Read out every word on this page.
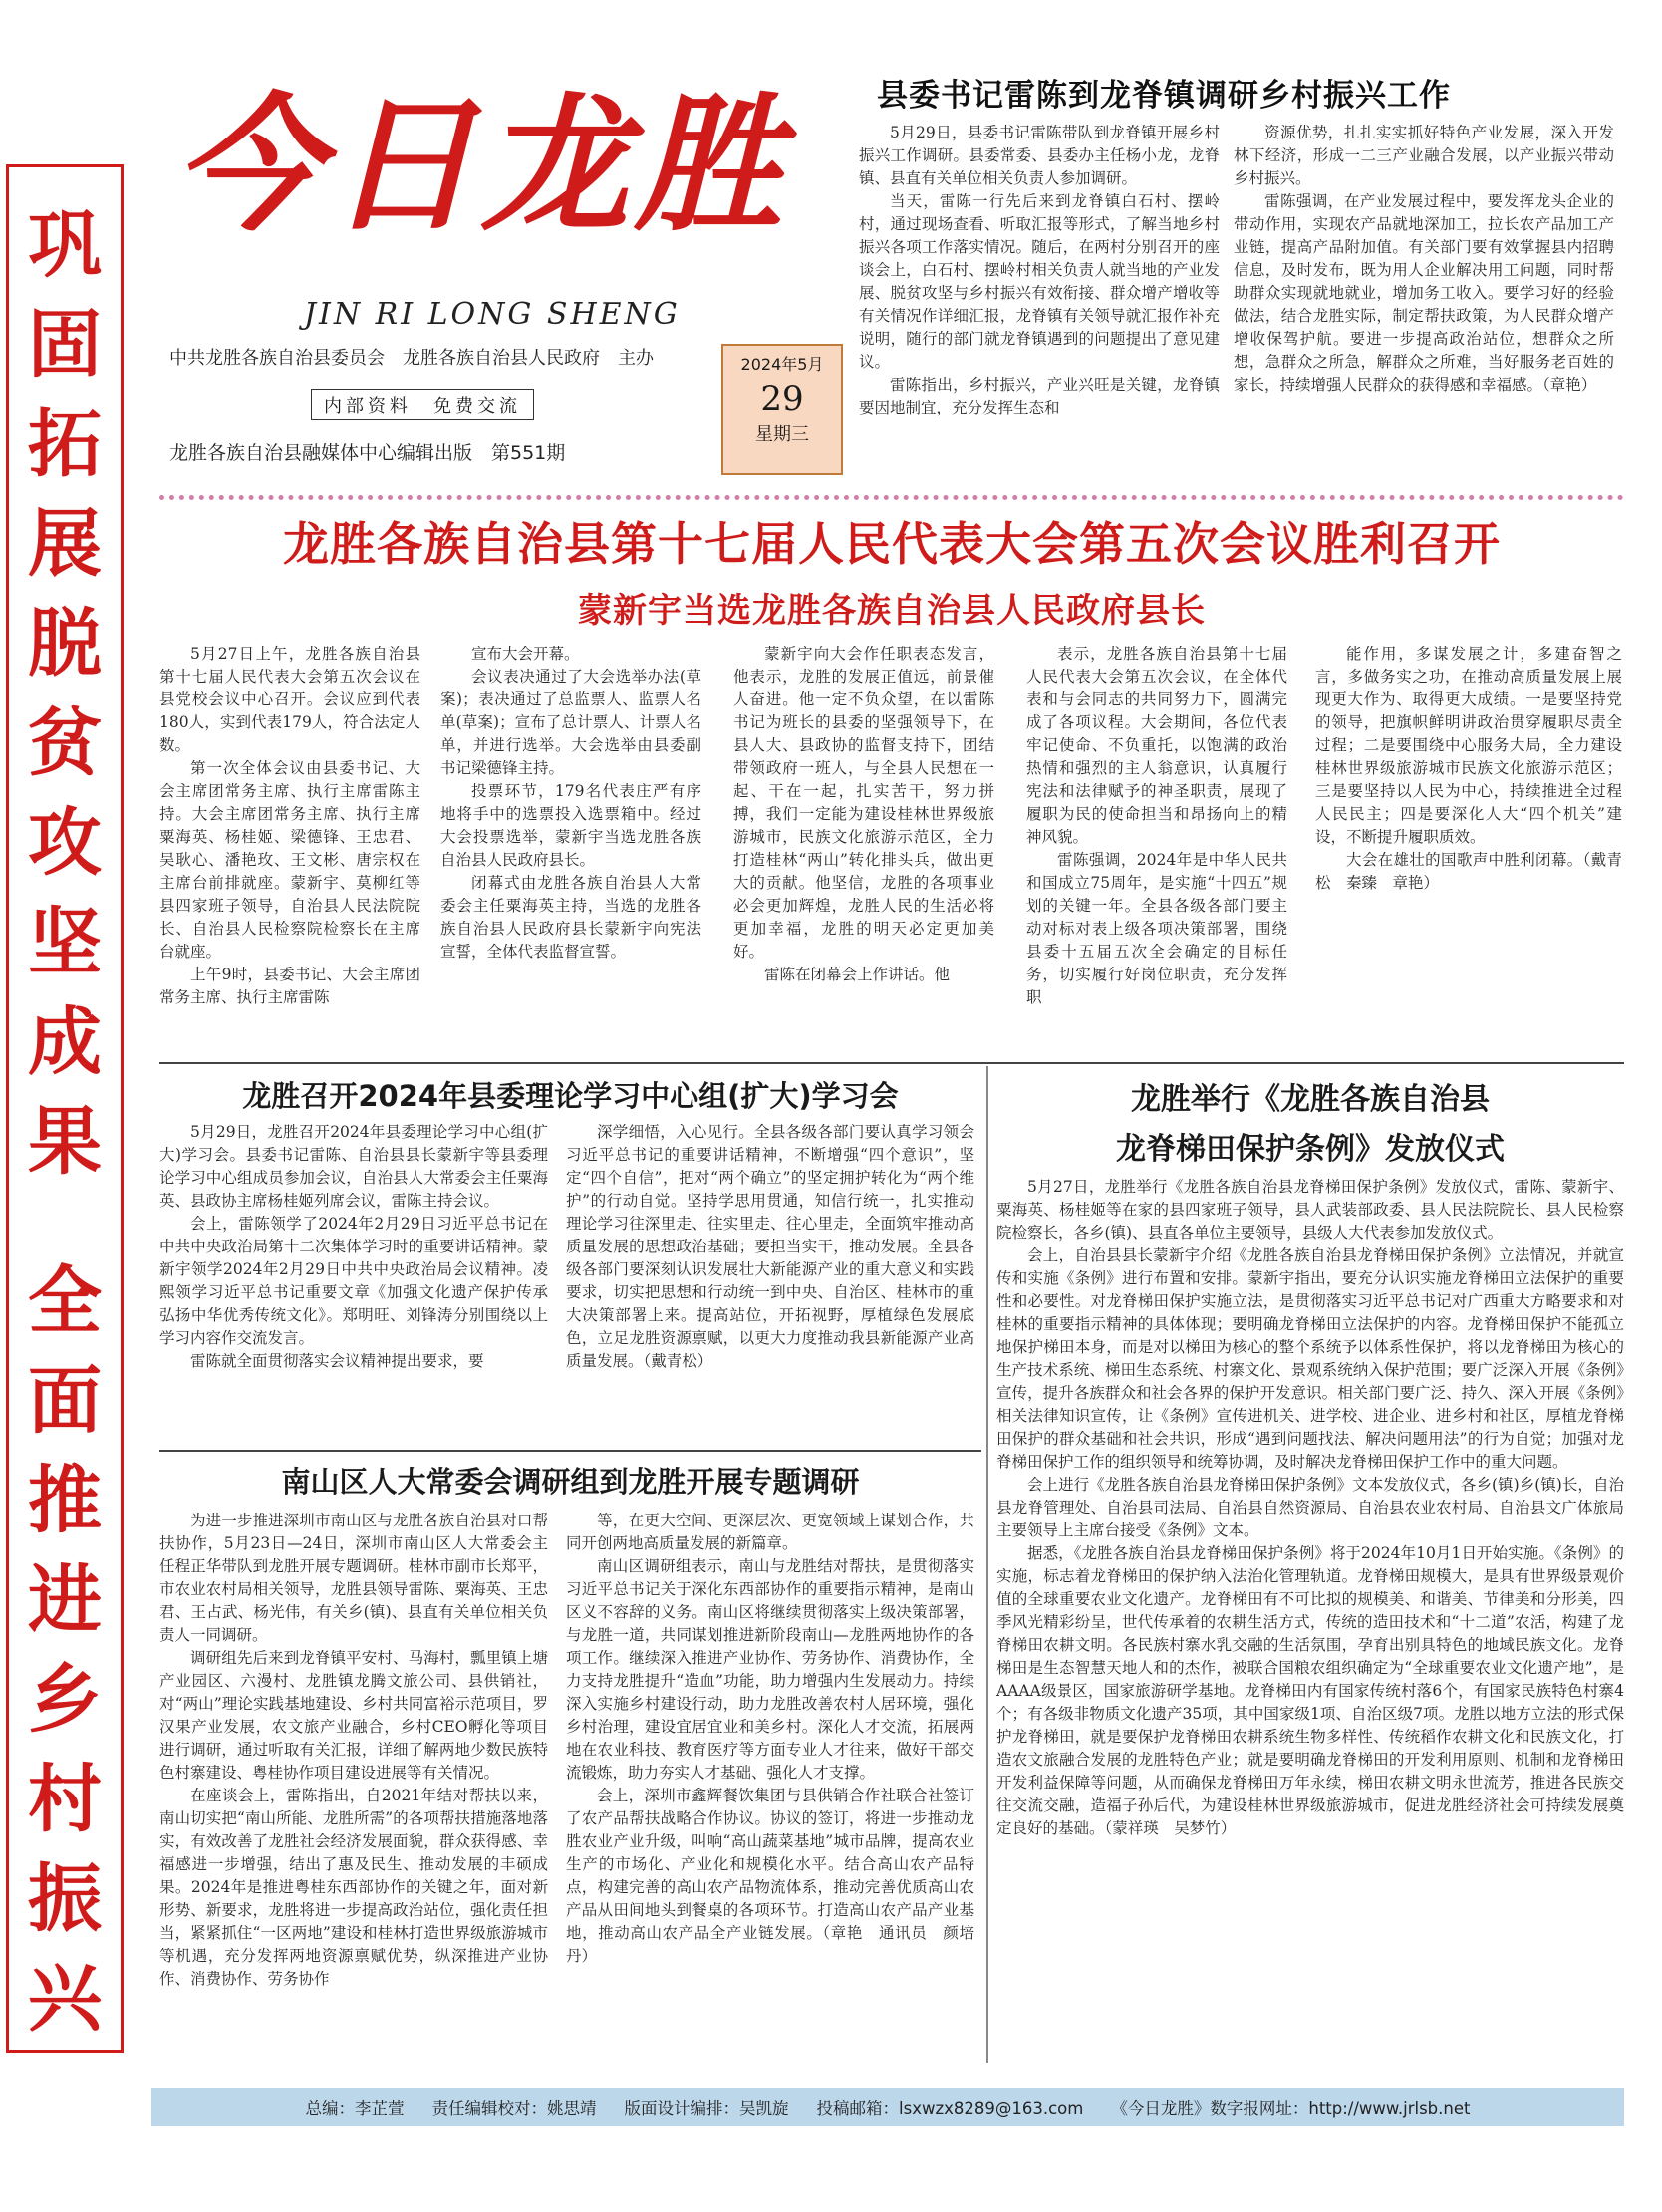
巩
固
拓
展
脱
贫
攻
坚
成
果
全
面
推
进
乡
村
振
兴
今日龙胜
JIN RI LONG SHENG
中共龙胜各族自治县委员会　龙胜各族自治县人民政府　主办
内部资料　免费交流
龙胜各族自治县融媒体中心编辑出版　第551期
2024年5月
29
星期三
县委书记雷陈到龙脊镇调研乡村振兴工作

5月29日，县委书记雷陈带队到龙脊镇开展乡村振兴工作调研。县委常委、县委办主任杨小龙，龙脊镇、县直有关单位相关负责人参加调研。

当天，雷陈一行先后来到龙脊镇白石村、摆岭村，通过现场查看、听取汇报等形式，了解当地乡村振兴各项工作落实情况。随后，在两村分别召开的座谈会上，白石村、摆岭村相关负责人就当地的产业发展、脱贫攻坚与乡村振兴有效衔接、群众增产增收等有关情况作详细汇报，龙脊镇有关领导就汇报作补充说明，随行的部门就龙脊镇遇到的问题提出了意见建议。

雷陈指出，乡村振兴，产业兴旺是关键，龙脊镇要因地制宜，充分发挥生态和

资源优势，扎扎实实抓好特色产业发展，深入开发林下经济，形成一二三产业融合发展，以产业振兴带动乡村振兴。

雷陈强调，在产业发展过程中，要发挥龙头企业的带动作用，实现农产品就地深加工，拉长农产品加工产业链，提高产品附加值。有关部门要有效掌握县内招聘信息，及时发布，既为用人企业解决用工问题，同时帮助群众实现就地就业，增加务工收入。要学习好的经验做法，结合龙胜实际，制定帮扶政策，为人民群众增产增收保驾护航。要进一步提高政治站位，想群众之所想，急群众之所急，解群众之所难，当好服务老百姓的家长，持续增强人民群众的获得感和幸福感。（章艳）

龙胜各族自治县第十七届人民代表大会第五次会议胜利召开
蒙新宇当选龙胜各族自治县人民政府县长

5月27日上午，龙胜各族自治县第十七届人民代表大会第五次会议在县党校会议中心召开。会议应到代表180人，实到代表179人，符合法定人数。

第一次全体会议由县委书记、大会主席团常务主席、执行主席雷陈主持。大会主席团常务主席、执行主席粟海英、杨桂姬、梁德锋、王忠君、吴耿心、潘艳玫、王文彬、唐宗权在主席台前排就座。蒙新宇、莫柳红等县四家班子领导，自治县人民法院院长、自治县人民检察院检察长在主席台就座。

上午9时，县委书记、大会主席团常务主席、执行主席雷陈

宣布大会开幕。

会议表决通过了大会选举办法(草案)；表决通过了总监票人、监票人名单(草案)；宣布了总计票人、计票人名单，并进行选举。大会选举由县委副书记梁德锋主持。

投票环节，179名代表庄严有序地将手中的选票投入选票箱中。经过大会投票选举，蒙新宇当选龙胜各族自治县人民政府县长。

闭幕式由龙胜各族自治县人大常委会主任粟海英主持，当选的龙胜各族自治县人民政府县长蒙新宇向宪法宣誓，全体代表监督宣誓。

蒙新宇向大会作任职表态发言，他表示，龙胜的发展正值远，前景催人奋进。他一定不负众望，在以雷陈书记为班长的县委的坚强领导下，在县人大、县政协的监督支持下，团结带领政府一班人，与全县人民想在一起、干在一起，扎实苦干，努力拼搏，我们一定能为建设桂林世界级旅游城市，民族文化旅游示范区，全力打造桂林“两山”转化排头兵，做出更大的贡献。他坚信，龙胜的各项事业必会更加辉煌，龙胜人民的生活必将更加幸福，龙胜的明天必定更加美好。

雷陈在闭幕会上作讲话。他

表示，龙胜各族自治县第十七届人民代表大会第五次会议，在全体代表和与会同志的共同努力下，圆满完成了各项议程。大会期间，各位代表牢记使命、不负重托，以饱满的政治热情和强烈的主人翁意识，认真履行宪法和法律赋予的神圣职责，展现了履职为民的使命担当和昂扬向上的精神风貌。

雷陈强调，2024年是中华人民共和国成立75周年，是实施“十四五”规划的关键一年。全县各级各部门要主动对标对表上级各项决策部署，围绕县委十五届五次全会确定的目标任务，切实履行好岗位职责，充分发挥职

能作用，多谋发展之计，多建奋智之言，多做务实之功，在推动高质量发展上展现更大作为、取得更大成绩。一是要坚持党的领导，把旗帜鲜明讲政治贯穿履职尽责全过程；二是要围绕中心服务大局，全力建设桂林世界级旅游城市民族文化旅游示范区；三是要坚持以人民为中心，持续推进全过程人民民主；四是要深化人大“四个机关”建设，不断提升履职质效。

大会在雄壮的国歌声中胜利闭幕。（戴青松　秦臻　章艳）

龙胜召开2024年县委理论学习中心组(扩大)学习会

5月29日，龙胜召开2024年县委理论学习中心组(扩大)学习会。县委书记雷陈、自治县县长蒙新宇等县委理论学习中心组成员参加会议，自治县人大常委会主任粟海英、县政协主席杨桂姬列席会议，雷陈主持会议。

会上，雷陈领学了2024年2月29日习近平总书记在中共中央政治局第十二次集体学习时的重要讲话精神。蒙新宇领学2024年2月29日中共中央政治局会议精神。凌熙领学习近平总书记重要文章《加强文化遗产保护传承　弘扬中华优秀传统文化》。郑明旺、刘锋涛分别围绕以上学习内容作交流发言。

雷陈就全面贯彻落实会议精神提出要求，要

深学细悟，入心见行。全县各级各部门要认真学习领会习近平总书记的重要讲话精神，不断增强“四个意识”，坚定“四个自信”，把对“两个确立”的坚定拥护转化为“两个维护”的行动自觉。坚持学思用贯通，知信行统一，扎实推动理论学习往深里走、往实里走、往心里走，全面筑牢推动高质量发展的思想政治基础；要担当实干，推动发展。全县各级各部门要深刻认识发展壮大新能源产业的重大意义和实践要求，切实把思想和行动统一到中央、自治区、桂林市的重大决策部署上来。提高站位，开拓视野，厚植绿色发展底色，立足龙胜资源禀赋，以更大力度推动我县新能源产业高质量发展。（戴青松）

龙胜举行《龙胜各族自治县
龙脊梯田保护条例》发放仪式

5月27日，龙胜举行《龙胜各族自治县龙脊梯田保护条例》发放仪式，雷陈、蒙新宇、粟海英、杨桂姬等在家的县四家班子领导，县人武装部政委、县人民法院院长、县人民检察院检察长，各乡(镇)、县直各单位主要领导，县级人大代表参加发放仪式。

会上，自治县县长蒙新宇介绍《龙胜各族自治县龙脊梯田保护条例》立法情况，并就宣传和实施《条例》进行布置和安排。蒙新宇指出，要充分认识实施龙脊梯田立法保护的重要性和必要性。对龙脊梯田保护实施立法，是贯彻落实习近平总书记对广西重大方略要求和对桂林的重要指示精神的具体体现；要明确龙脊梯田立法保护的内容。龙脊梯田保护不能孤立地保护梯田本身，而是对以梯田为核心的整个系统予以体系性保护，将以龙脊梯田为核心的生产技术系统、梯田生态系统、村寨文化、景观系统纳入保护范围；要广泛深入开展《条例》宣传，提升各族群众和社会各界的保护开发意识。相关部门要广泛、持久、深入开展《条例》相关法律知识宣传，让《条例》宣传进机关、进学校、进企业、进乡村和社区，厚植龙脊梯田保护的群众基础和社会共识，形成“遇到问题找法、解决问题用法”的行为自觉；加强对龙脊梯田保护工作的组织领导和统筹协调，及时解决龙脊梯田保护工作中的重大问题。

会上进行《龙胜各族自治县龙脊梯田保护条例》文本发放仪式，各乡(镇)乡(镇)长，自治县龙脊管理处、自治县司法局、自治县自然资源局、自治县农业农村局、自治县文广体旅局主要领导上主席台接受《条例》文本。

据悉，《龙胜各族自治县龙脊梯田保护条例》将于2024年10月1日开始实施。《条例》的实施，标志着龙脊梯田的保护纳入法治化管理轨道。龙脊梯田规模大，是具有世界级景观价值的全球重要农业文化遗产。龙脊梯田有不可比拟的规模美、和谐美、节律美和分形美，四季风光精彩纷呈，世代传承着的农耕生活方式，传统的造田技术和“十二道”农活，构建了龙脊梯田农耕文明。各民族村寨水乳交融的生活氛围，孕育出别具特色的地域民族文化。龙脊梯田是生态智慧天地人和的杰作，被联合国粮农组织确定为“全球重要农业文化遗产地”，是AAAA级景区，国家旅游研学基地。龙脊梯田内有国家传统村落6个，有国家民族特色村寨4个；有各级非物质文化遗产35项，其中国家级1项、自治区级7项。龙胜以地方立法的形式保护龙脊梯田，就是要保护龙脊梯田农耕系统生物多样性、传统稻作农耕文化和民族文化，打造农文旅融合发展的龙胜特色产业；就是要明确龙脊梯田的开发利用原则、机制和龙脊梯田开发利益保障等问题，从而确保龙脊梯田万年永续，梯田农耕文明永世流芳，推进各民族交往交流交融，造福子孙后代，为建设桂林世界级旅游城市，促进龙胜经济社会可持续发展奠定良好的基础。（蒙祥瑛　吴梦竹）

南山区人大常委会调研组到龙胜开展专题调研

为进一步推进深圳市南山区与龙胜各族自治县对口帮扶协作，5月23日—24日，深圳市南山区人大常委会主任程正华带队到龙胜开展专题调研。桂林市副市长郑平，市农业农村局相关领导，龙胜县领导雷陈、粟海英、王忠君、王占武、杨光伟，有关乡(镇)、县直有关单位相关负责人一同调研。

调研组先后来到龙脊镇平安村、马海村，瓢里镇上塘产业园区、六漫村、龙胜镇龙腾文旅公司、县供销社，对“两山”理论实践基地建设、乡村共同富裕示范项目，罗汉果产业发展，农文旅产业融合，乡村CEO孵化等项目进行调研，通过听取有关汇报，详细了解两地少数民族特色村寨建设、粤桂协作项目建设进展等有关情况。

在座谈会上，雷陈指出，自2021年结对帮扶以来，南山切实把“南山所能、龙胜所需”的各项帮扶措施落地落实，有效改善了龙胜社会经济发展面貌，群众获得感、幸福感进一步增强，结出了惠及民生、推动发展的丰硕成果。2024年是推进粤桂东西部协作的关键之年，面对新形势、新要求，龙胜将进一步提高政治站位，强化责任担当，紧紧抓住“一区两地”建设和桂林打造世界级旅游城市等机遇，充分发挥两地资源禀赋优势，纵深推进产业协作、消费协作、劳务协作

等，在更大空间、更深层次、更宽领域上谋划合作，共同开创两地高质量发展的新篇章。

南山区调研组表示，南山与龙胜结对帮扶，是贯彻落实习近平总书记关于深化东西部协作的重要指示精神，是南山区义不容辞的义务。南山区将继续贯彻落实上级决策部署，与龙胜一道，共同谋划推进新阶段南山—龙胜两地协作的各项工作。继续深入推进产业协作、劳务协作、消费协作，全力支持龙胜提升“造血”功能，助力增强内生发展动力。持续深入实施乡村建设行动，助力龙胜改善农村人居环境，强化乡村治理，建设宜居宜业和美乡村。深化人才交流，拓展两地在农业科技、教育医疗等方面专业人才往来，做好干部交流锻炼，助力夯实人才基础、强化人才支撑。

会上，深圳市鑫辉餐饮集团与县供销合作社联合社签订了农产品帮扶战略合作协议。协议的签订，将进一步推动龙胜农业产业升级，叫响“高山蔬菜基地”城市品牌，提高农业生产的市场化、产业化和规模化水平。结合高山农产品特点，构建完善的高山农产品物流体系，推动完善优质高山农产品从田间地头到餐桌的各项环节。打造高山农产品产业基地，推动高山农产品全产业链发展。（章艳　通讯员　颜培丹）

总编：李芷萱 责任编辑校对：姚思靖 版面设计编排：吴凯旋 投稿邮箱：lsxwzx8289@163.com 《今日龙胜》数字报网址：http://www.jrlsb.net
